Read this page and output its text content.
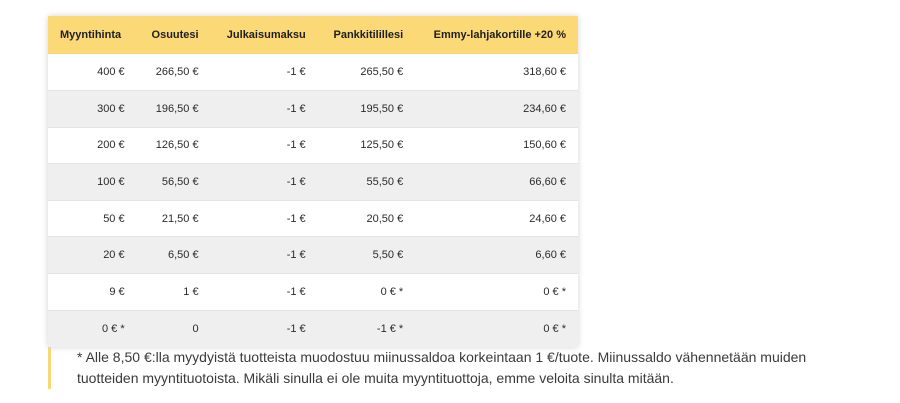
Myyntihinta	Osuutesi	Julkaisumaksu	Pankkitilillesi	Emmy-lahjakortille +20 %
400 €	266,50 €	-1 €	265,50 €	318,60 €
300 €	196,50 €	-1 €	195,50 €	234,60 €
200 €	126,50 €	-1 €	125,50 €	150,60 €
100 €	56,50 €	-1 €	55,50 €	66,60 €
50 €	21,50 €	-1 €	20,50 €	24,60 €
20 €	6,50 €	-1 €	5,50 €	6,60 €
9 €	1 €	-1 €	0 € *	0 € *
0 € *	0	-1 €	-1 € *	0 € *
* Alle 8,50 €:lla myydyistä tuotteista muodostuu miinussaldoa korkeintaan 1 €/tuote. Miinussaldo vähennetään muiden
tuotteiden myyntituotoista. Mikäli sinulla ei ole muita myyntituottoja, emme veloita sinulta mitään.
